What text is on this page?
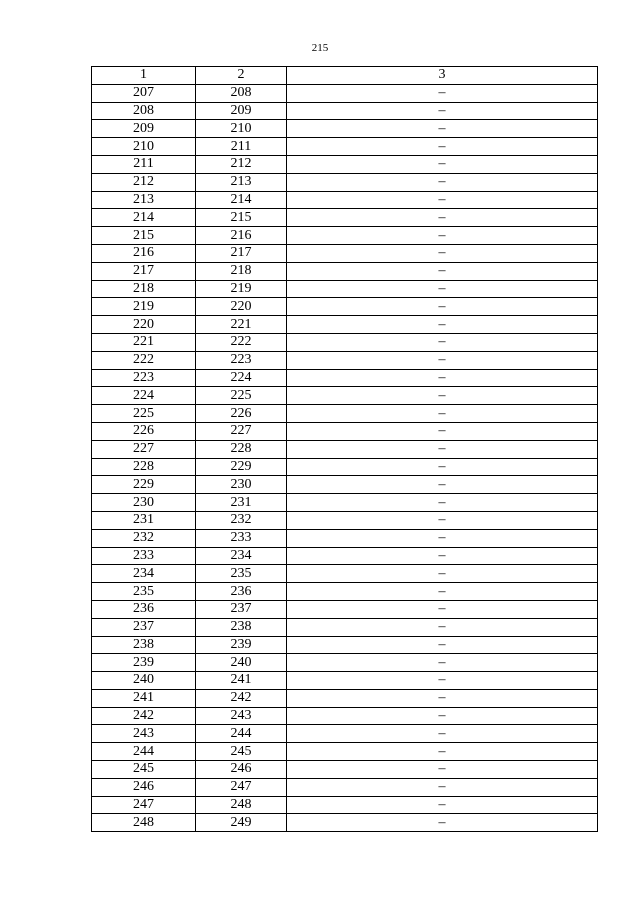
215
1	2	3
207	208	–
208	209	–
209	210	–
210	211	–
211	212	–
212	213	–
213	214	–
214	215	–
215	216	–
216	217	–
217	218	–
218	219	–
219	220	–
220	221	–
221	222	–
222	223	–
223	224	–
224	225	–
225	226	–
226	227	–
227	228	–
228	229	–
229	230	–
230	231	–
231	232	–
232	233	–
233	234	–
234	235	–
235	236	–
236	237	–
237	238	–
238	239	–
239	240	–
240	241	–
241	242	–
242	243	–
243	244	–
244	245	–
245	246	–
246	247	–
247	248	–
248	249	–
